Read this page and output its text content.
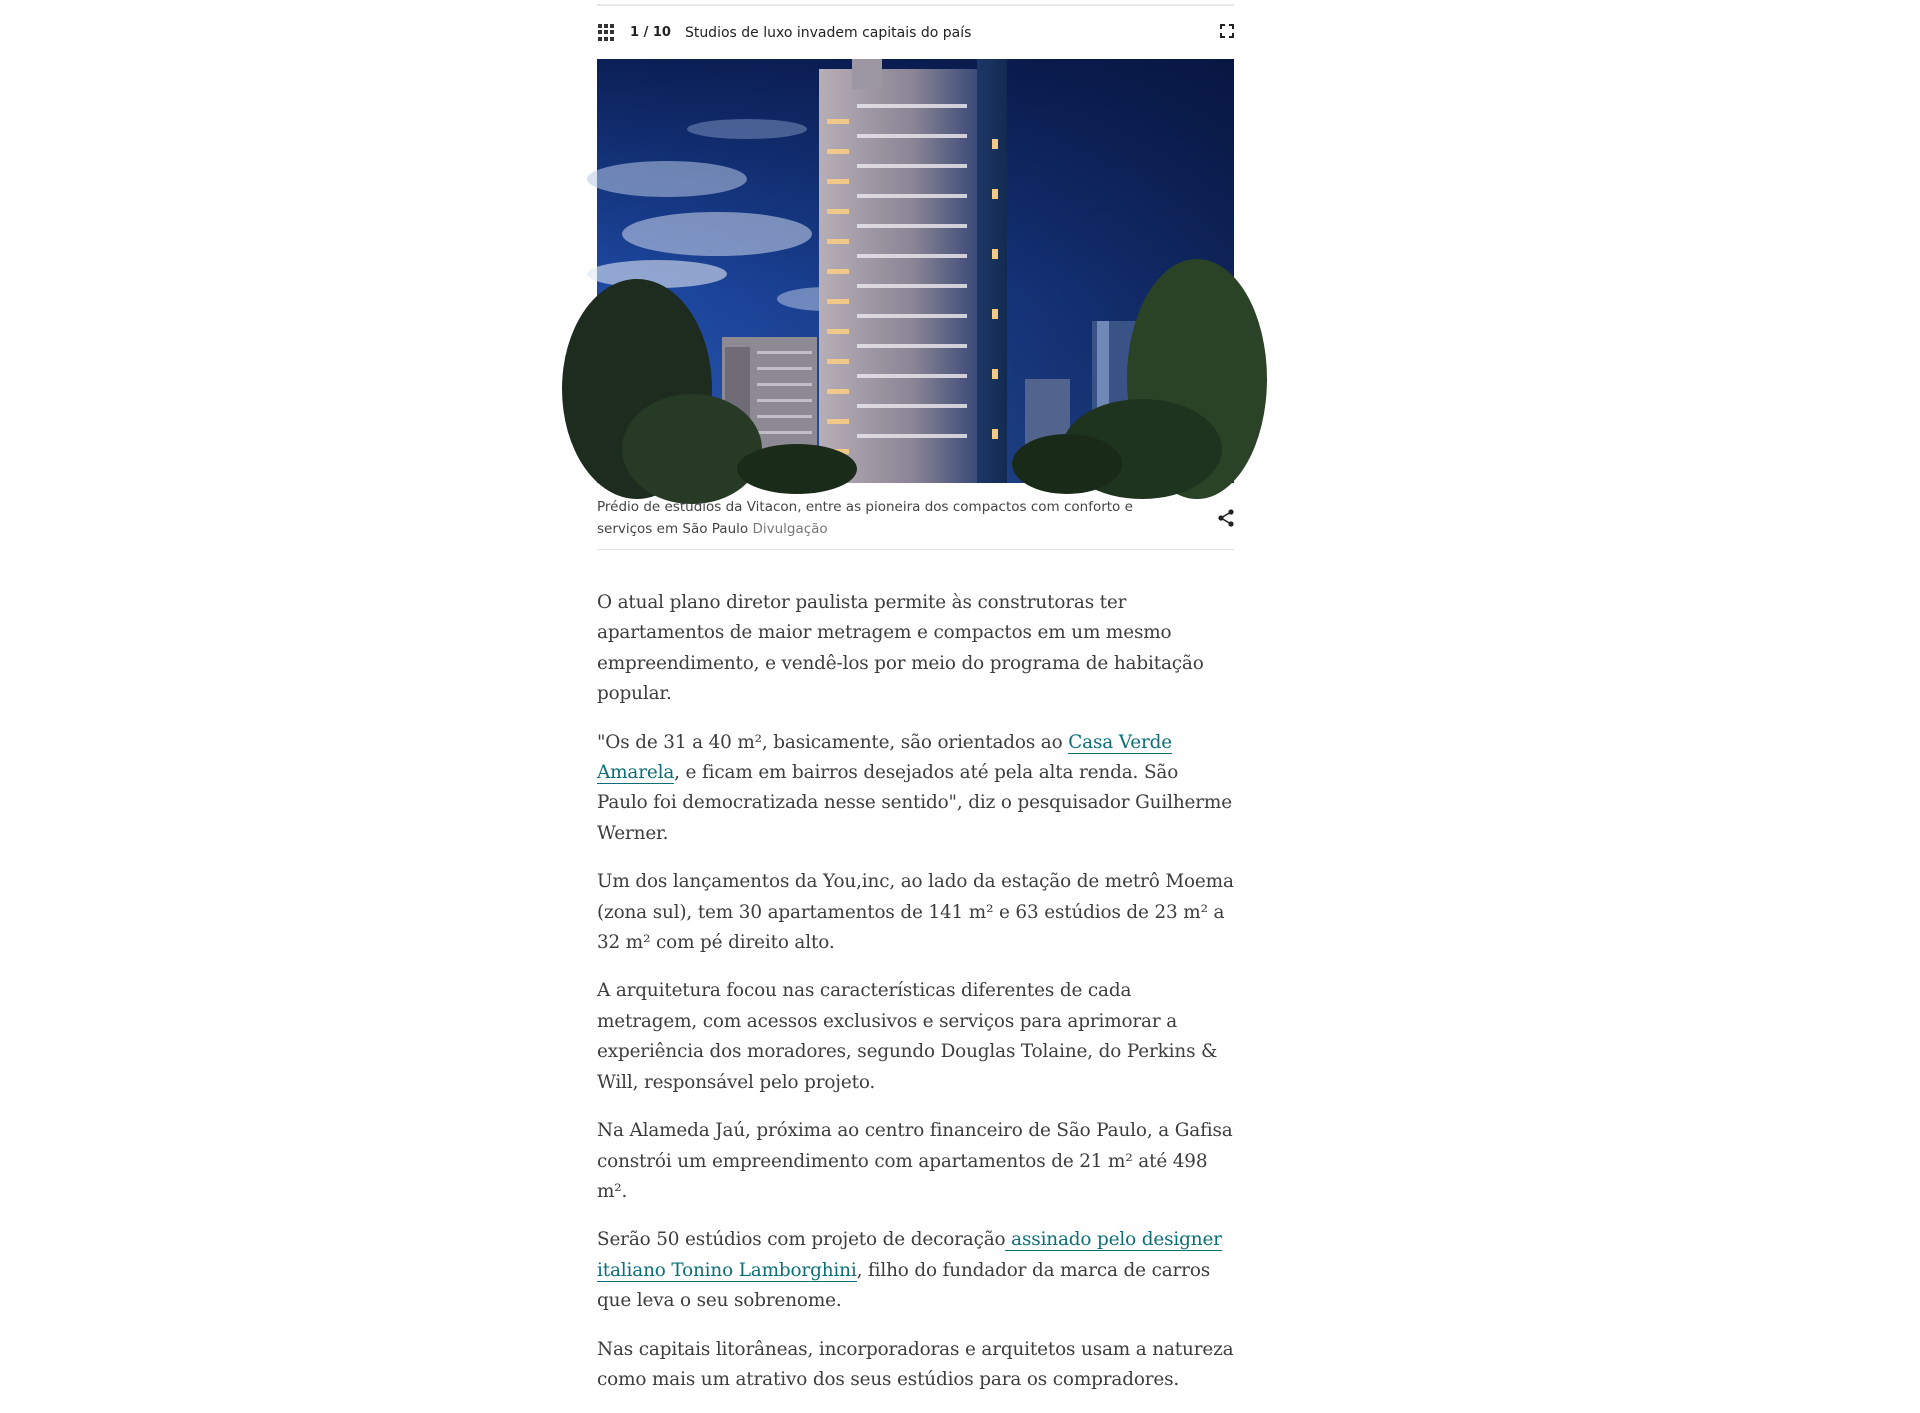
1 / 10 Studios de luxo invadem capitais do país
Prédio de estúdios da Vitacon, entre as pioneira dos compactos com conforto e serviços em São Paulo Divulgação

O atual plano diretor paulista permite às construtoras ter apartamentos de maior metragem e compactos em um mesmo empreendimento, e vendê-los por meio do programa de habitação popular.

"Os de 31 a 40 m², basicamente, são orientados ao Casa Verde Amarela, e ficam em bairros desejados até pela alta renda. São Paulo foi democratizada nesse sentido", diz o pesquisador Guilherme Werner.

Um dos lançamentos da You,inc, ao lado da estação de metrô Moema (zona sul), tem 30 apartamentos de 141 m² e 63 estúdios de 23 m² a 32 m² com pé direito alto.

A arquitetura focou nas características diferentes de cada metragem, com acessos exclusivos e serviços para aprimorar a experiência dos moradores, segundo Douglas Tolaine, do Perkins & Will, responsável pelo projeto.

Na Alameda Jaú, próxima ao centro financeiro de São Paulo, a Gafisa constrói um empreendimento com apartamentos de 21 m² até 498 m².

Serão 50 estúdios com projeto de decoração assinado pelo designer italiano Tonino Lamborghini, filho do fundador da marca de carros que leva o seu sobrenome.

Nas capitais litorâneas, incorporadoras e arquitetos usam a natureza como mais um atrativo dos seus estúdios para os compradores.
